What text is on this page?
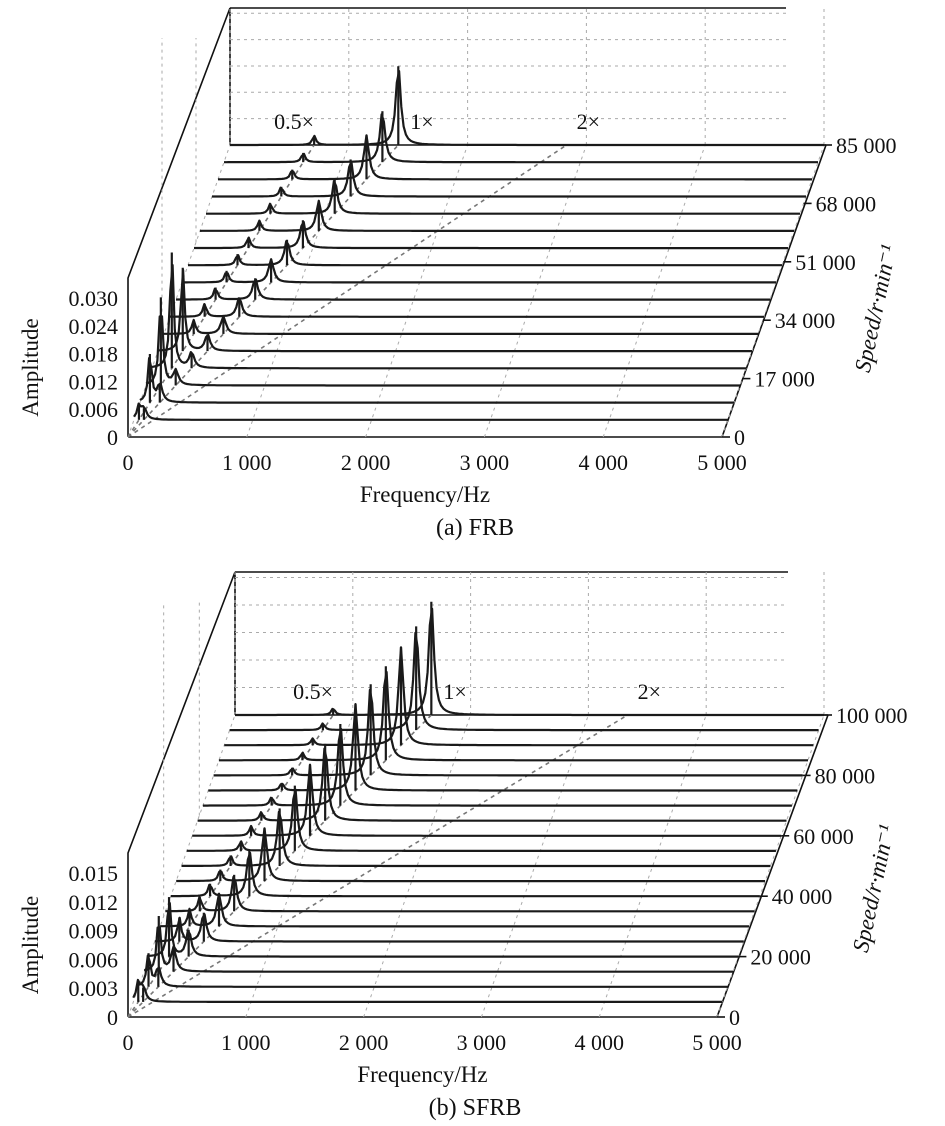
0.5×	1×	2×
0	1 000	2 000	3 000	4 000	5 000
0
0.006
0.012
0.018
0.024
0.030
0
17 000
34 000
51 000
68 000
85 000
Frequency/Hz
Amplitude	Speed/r·min⁻¹
(a) FRB
0.5×	1×	2×
0	1 000	2 000	3 000	4 000	5 000
0
0.003
0.006
0.009
0.012
0.015
0
20 000
40 000
60 000
80 000
100 000
Frequency/Hz
Amplitude	Speed/r·min⁻¹
(b) SFRB
